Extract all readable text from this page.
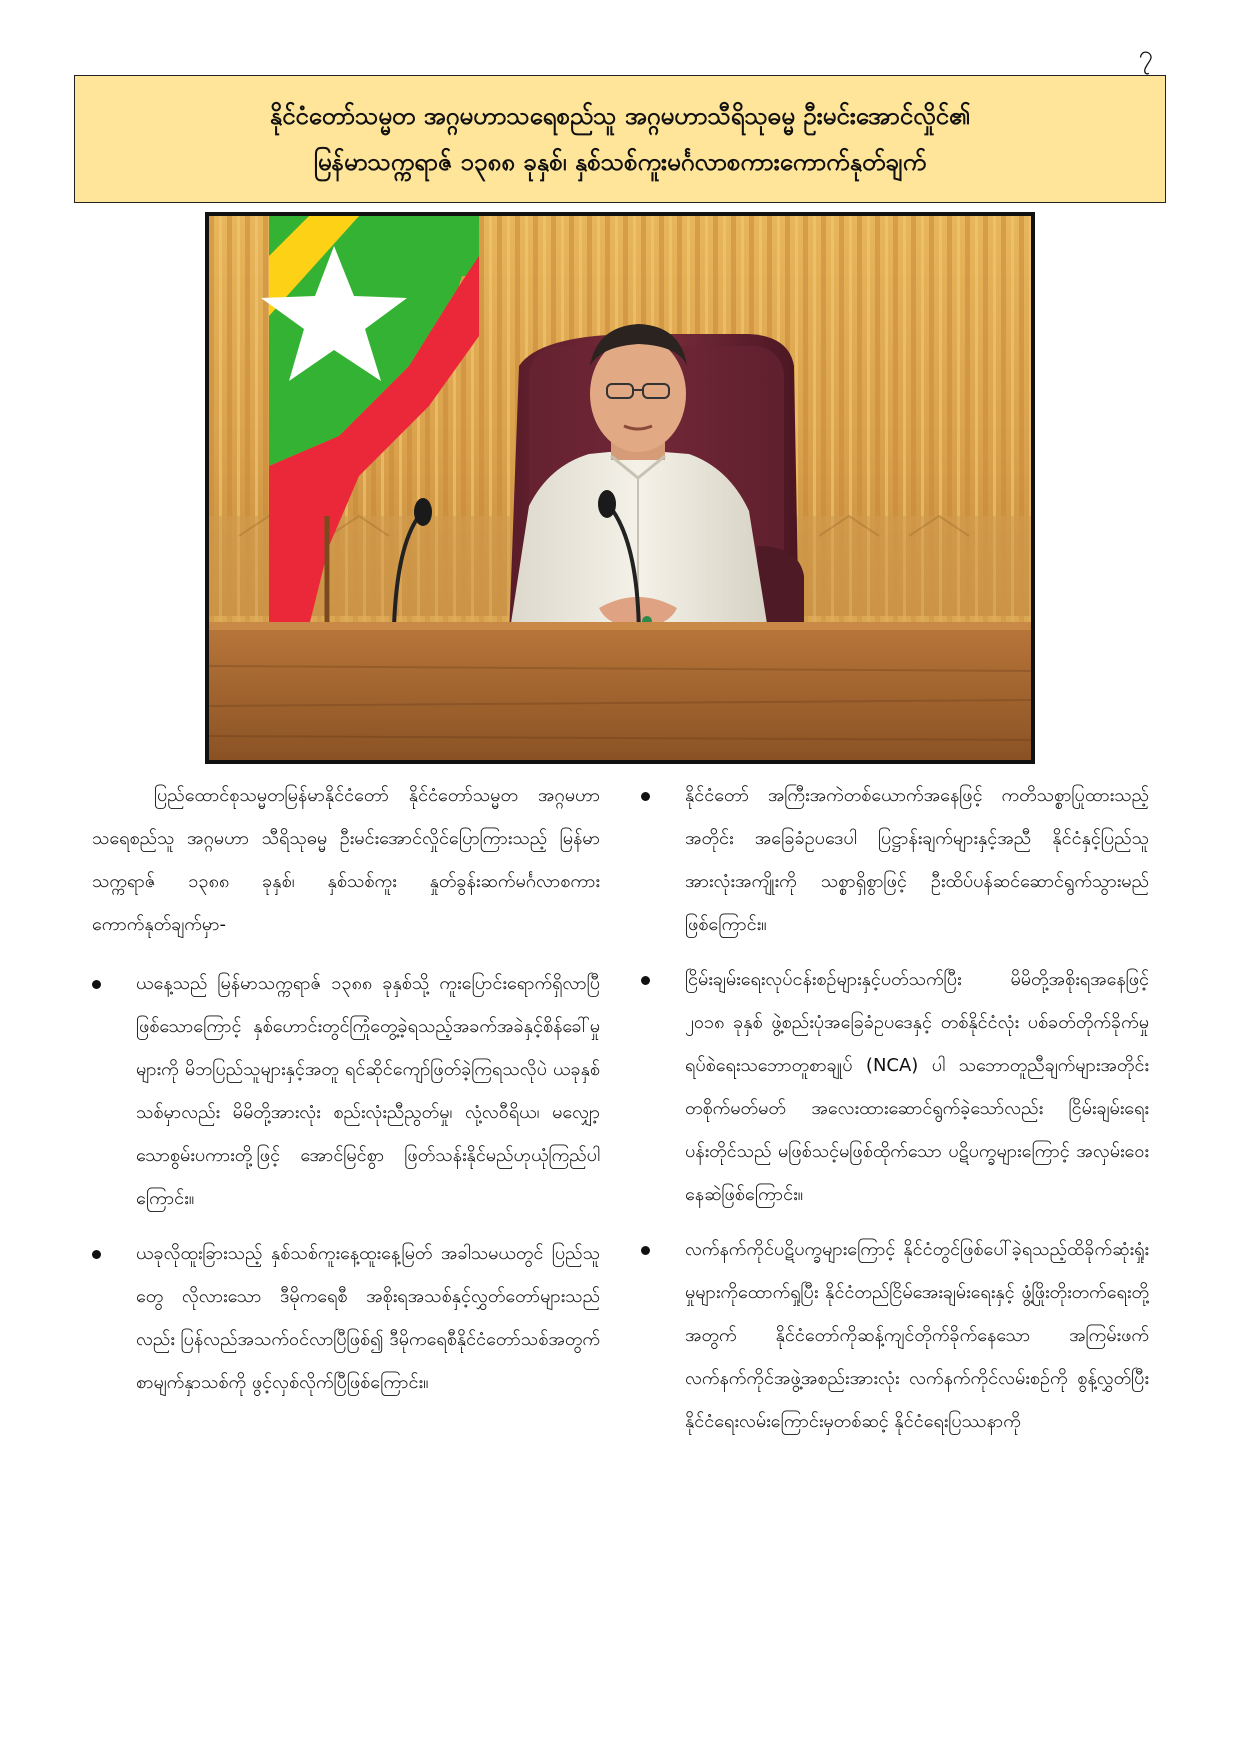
၇
နိုင်ငံတော်သမ္မတ အဂ္ဂမဟာသရေစည်သူ အဂ္ဂမဟာသီရိသုဓမ္မ ဦးမင်းအောင်လှိုင်၏
မြန်မာသက္ကရာဇ် ၁၃၈၈ ခုနှစ်၊ နှစ်သစ်ကူးမင်္ဂလာစကားကောက်နုတ်ချက်

ပြည်ထောင်စုသမ္မတမြန်မာနိုင်ငံတော် နိုင်ငံတော်သမ္မတ အဂ္ဂမဟာသရေစည်သူ အဂ္ဂမဟာ သီရိသုဓမ္မ ဦးမင်းအောင်လှိုင်ပြောကြားသည့် မြန်မာသက္ကရာဇ် ၁၃၈၈ ခုနှစ်၊ နှစ်သစ်ကူး နှုတ်ခွန်းဆက်မင်္ဂလာစကားကောက်နုတ်ချက်မှာ-

ယနေ့သည် မြန်မာသက္ကရာဇ် ၁၃၈၈ ခုနှစ်သို့ ကူးပြောင်းရောက်ရှိလာပြီဖြစ်သောကြောင့် နှစ်ဟောင်းတွင်ကြုံတွေ့ခဲ့ရသည့်အခက်အခဲနှင့်စိန်ခေါ်မှုများကို မိဘပြည်သူများနှင့်အတူ ရင်ဆိုင်ကျော်ဖြတ်ခဲ့ကြရသလိုပဲ ယခုနှစ်သစ်မှာလည်း မိမိတို့အားလုံး စည်းလုံးညီညွတ်မှု၊ လုံ့လဝီရိယ၊ မလျှော့သောစွမ်းပကားတို့ဖြင့် အောင်မြင်စွာ ဖြတ်သန်းနိုင်မည်ဟုယုံကြည်ပါကြောင်း။
ယခုလိုထူးခြားသည့် နှစ်သစ်ကူးနေ့ထူးနေ့မြတ် အခါသမယတွင် ပြည်သူတွေ လိုလားသော ဒီမိုကရေစီ အစိုးရအသစ်နှင့်လွှတ်တော်များသည်လည်း ပြန်လည်အသက်ဝင်လာပြီဖြစ်၍ ဒီမိုကရေစီနိုင်ငံတော်သစ်အတွက် စာမျက်နှာသစ်ကို ဖွင့်လှစ်လိုက်ပြီဖြစ်ကြောင်း။
နိုင်ငံတော် အကြီးအကဲတစ်ယောက်အနေဖြင့် ကတိသစ္စာပြုထားသည့်အတိုင်း အခြေခံဥပဒေပါ ပြဋ္ဌာန်းချက်များနှင့်အညီ နိုင်ငံနှင့်ပြည်သူအားလုံးအကျိုးကို သစ္စာရှိစွာဖြင့် ဦးထိပ်ပန်ဆင်ဆောင်ရွက်သွားမည်ဖြစ်ကြောင်း။
ငြိမ်းချမ်းရေးလုပ်ငန်းစဉ်များနှင့်ပတ်သက်ပြီး မိမိတို့အစိုးရအနေဖြင့် ၂၀၁၈ ခုနှစ် ဖွဲ့စည်းပုံအခြေခံဥပဒေနှင့် တစ်နိုင်ငံလုံး ပစ်ခတ်တိုက်ခိုက်မှုရပ်စဲရေးသဘောတူစာချုပ် (NCA) ပါ သဘောတူညီချက်များအတိုင်း တစိုက်မတ်မတ် အလေးထားဆောင်ရွက်ခဲ့သော်လည်း ငြိမ်းချမ်းရေးပန်းတိုင်သည် မဖြစ်သင့်မဖြစ်ထိုက်သော ပဋိပက္ခများကြောင့် အလှမ်းဝေးနေဆဲဖြစ်ကြောင်း။
လက်နက်ကိုင်ပဋိပက္ခများကြောင့် နိုင်ငံတွင်ဖြစ်ပေါ်ခဲ့ရသည့်ထိခိုက်ဆုံးရှုံးမှုများကိုထောက်ရှုပြီး နိုင်ငံတည်ငြိမ်အေးချမ်းရေးနှင့် ဖွံ့ဖြိုးတိုးတက်ရေးတို့အတွက် နိုင်ငံတော်ကိုဆန့်ကျင်တိုက်ခိုက်နေသော အကြမ်းဖက်လက်နက်ကိုင်အဖွဲ့အစည်းအားလုံး လက်နက်ကိုင်လမ်းစဉ်ကို စွန့်လွှတ်ပြီး နိုင်ငံရေးလမ်းကြောင်းမှတစ်ဆင့် နိုင်ငံရေးပြဿနာကို
